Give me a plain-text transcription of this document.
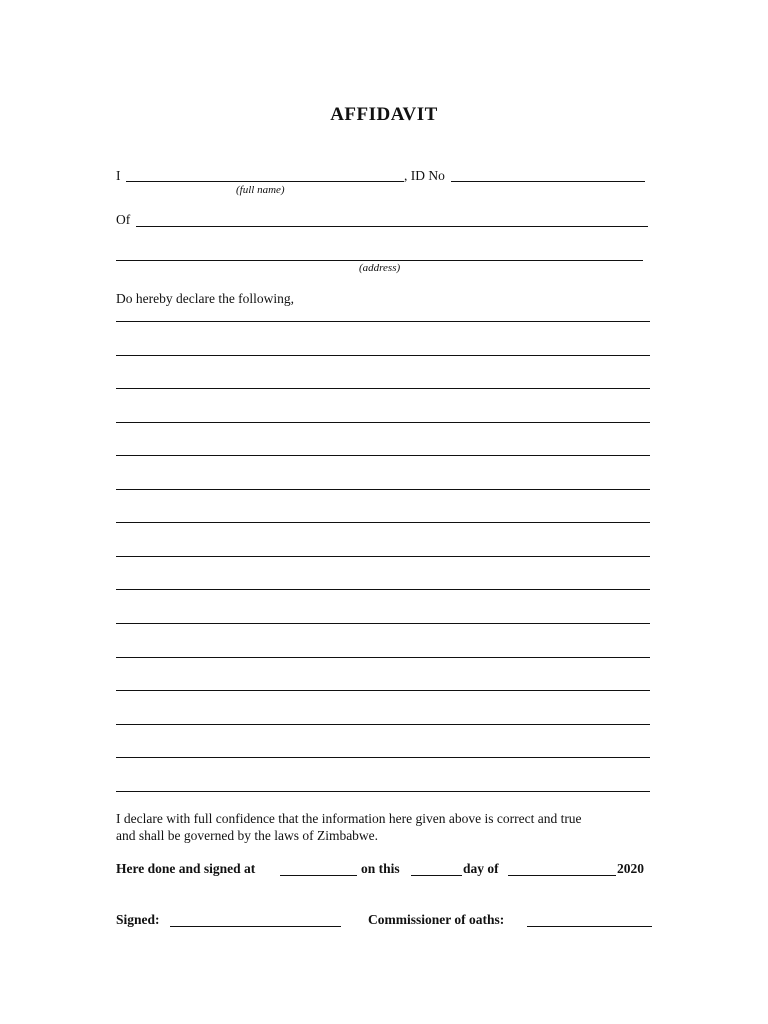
AFFIDAVIT
I	, ID No
(full name)
Of
(address)
Do hereby declare the following,
I declare with full confidence that the information here given above is correct and true
and shall be governed by the laws of Zimbabwe.
Here done and signed at	on this	day of	2020
Signed:	Commissioner of oaths:
